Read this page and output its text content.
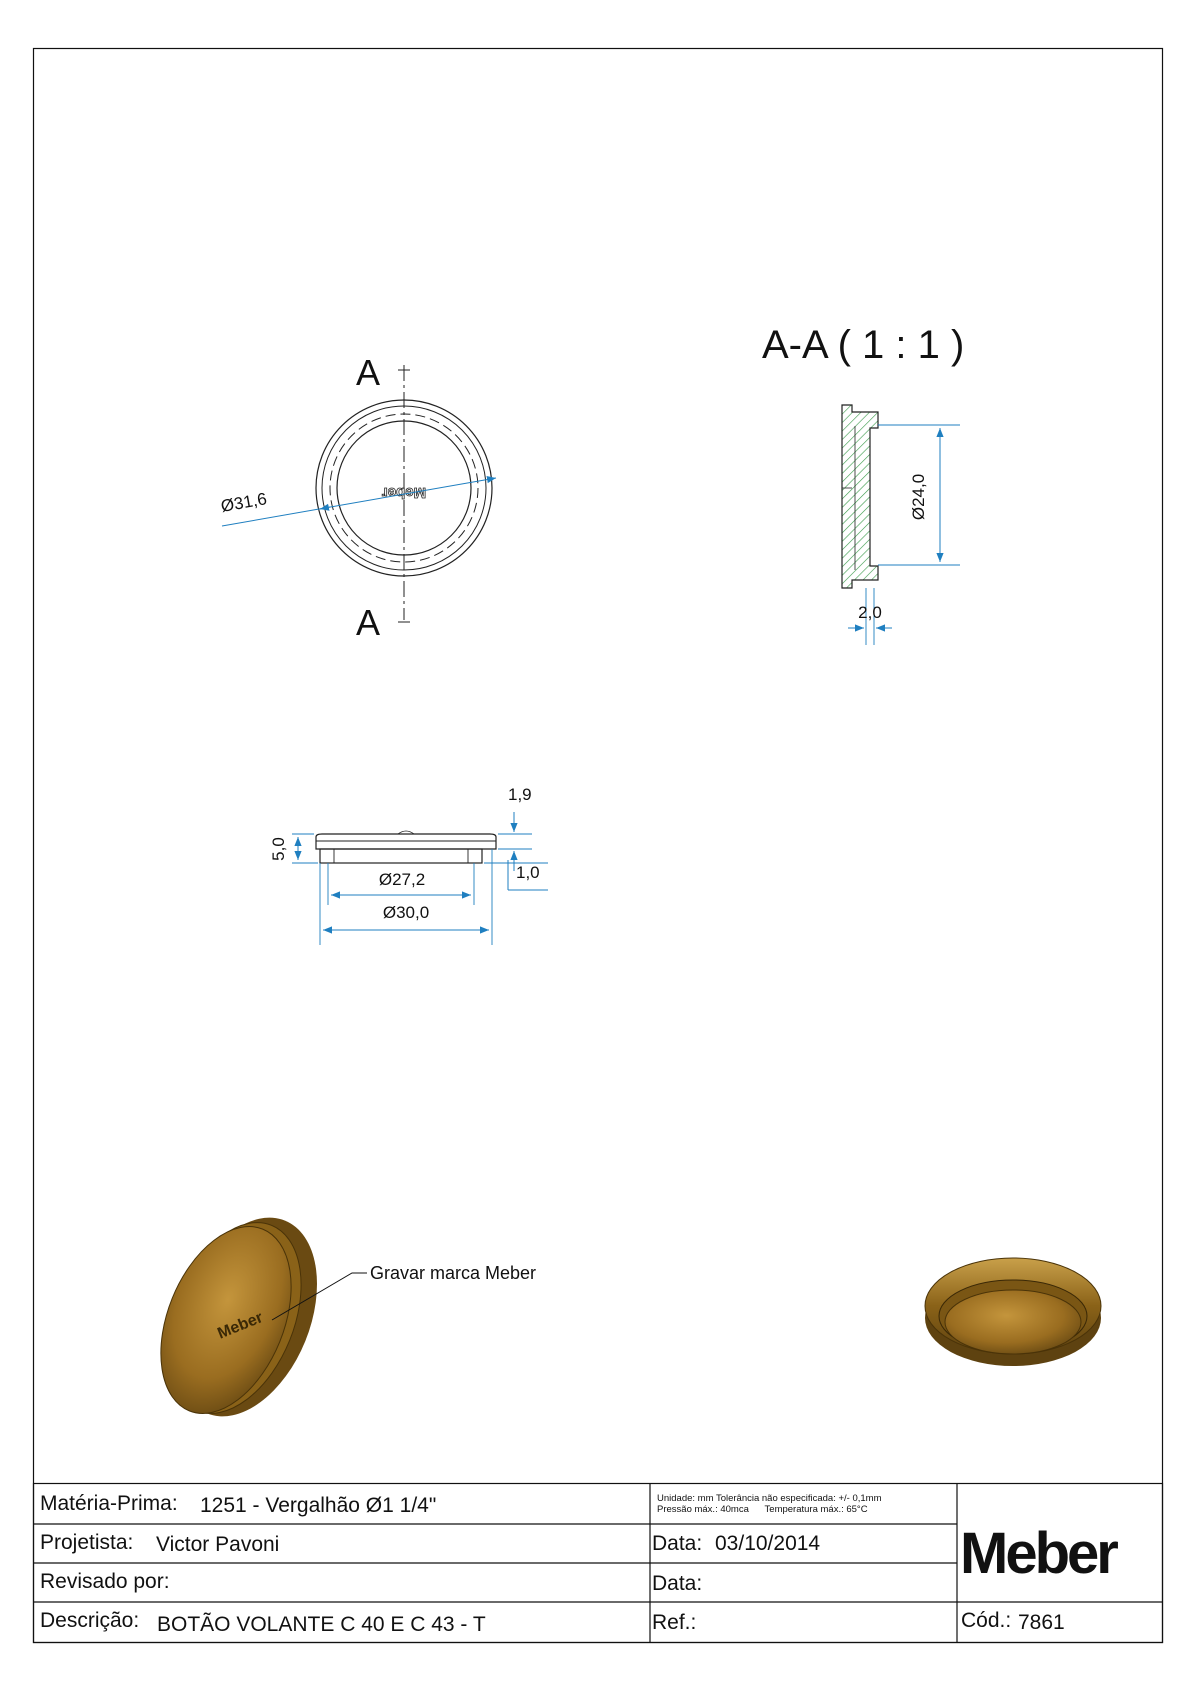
Meber
A
A
Ø31,6
A-A ( 1 : 1 )
Ø24,0
2,0
5,0
1,9
1,0
Ø27,2
Ø30,0
Meber
Gravar marca Meber
Matéria-Prima: 1251 - Vergalhão Ø1 1/4"
Projetista: Victor Pavoni
Revisado por:
Descrição: BOTÃO VOLANTE C 40 E C 43 - T
Unidade: mm Tolerância não especificada: +/- 0,1mm
Pressão máx.: 40mca      Temperatura máx.: 65°C
Data: 03/10/2014
Data:
Ref.:	Cód.: 7861
Meber
